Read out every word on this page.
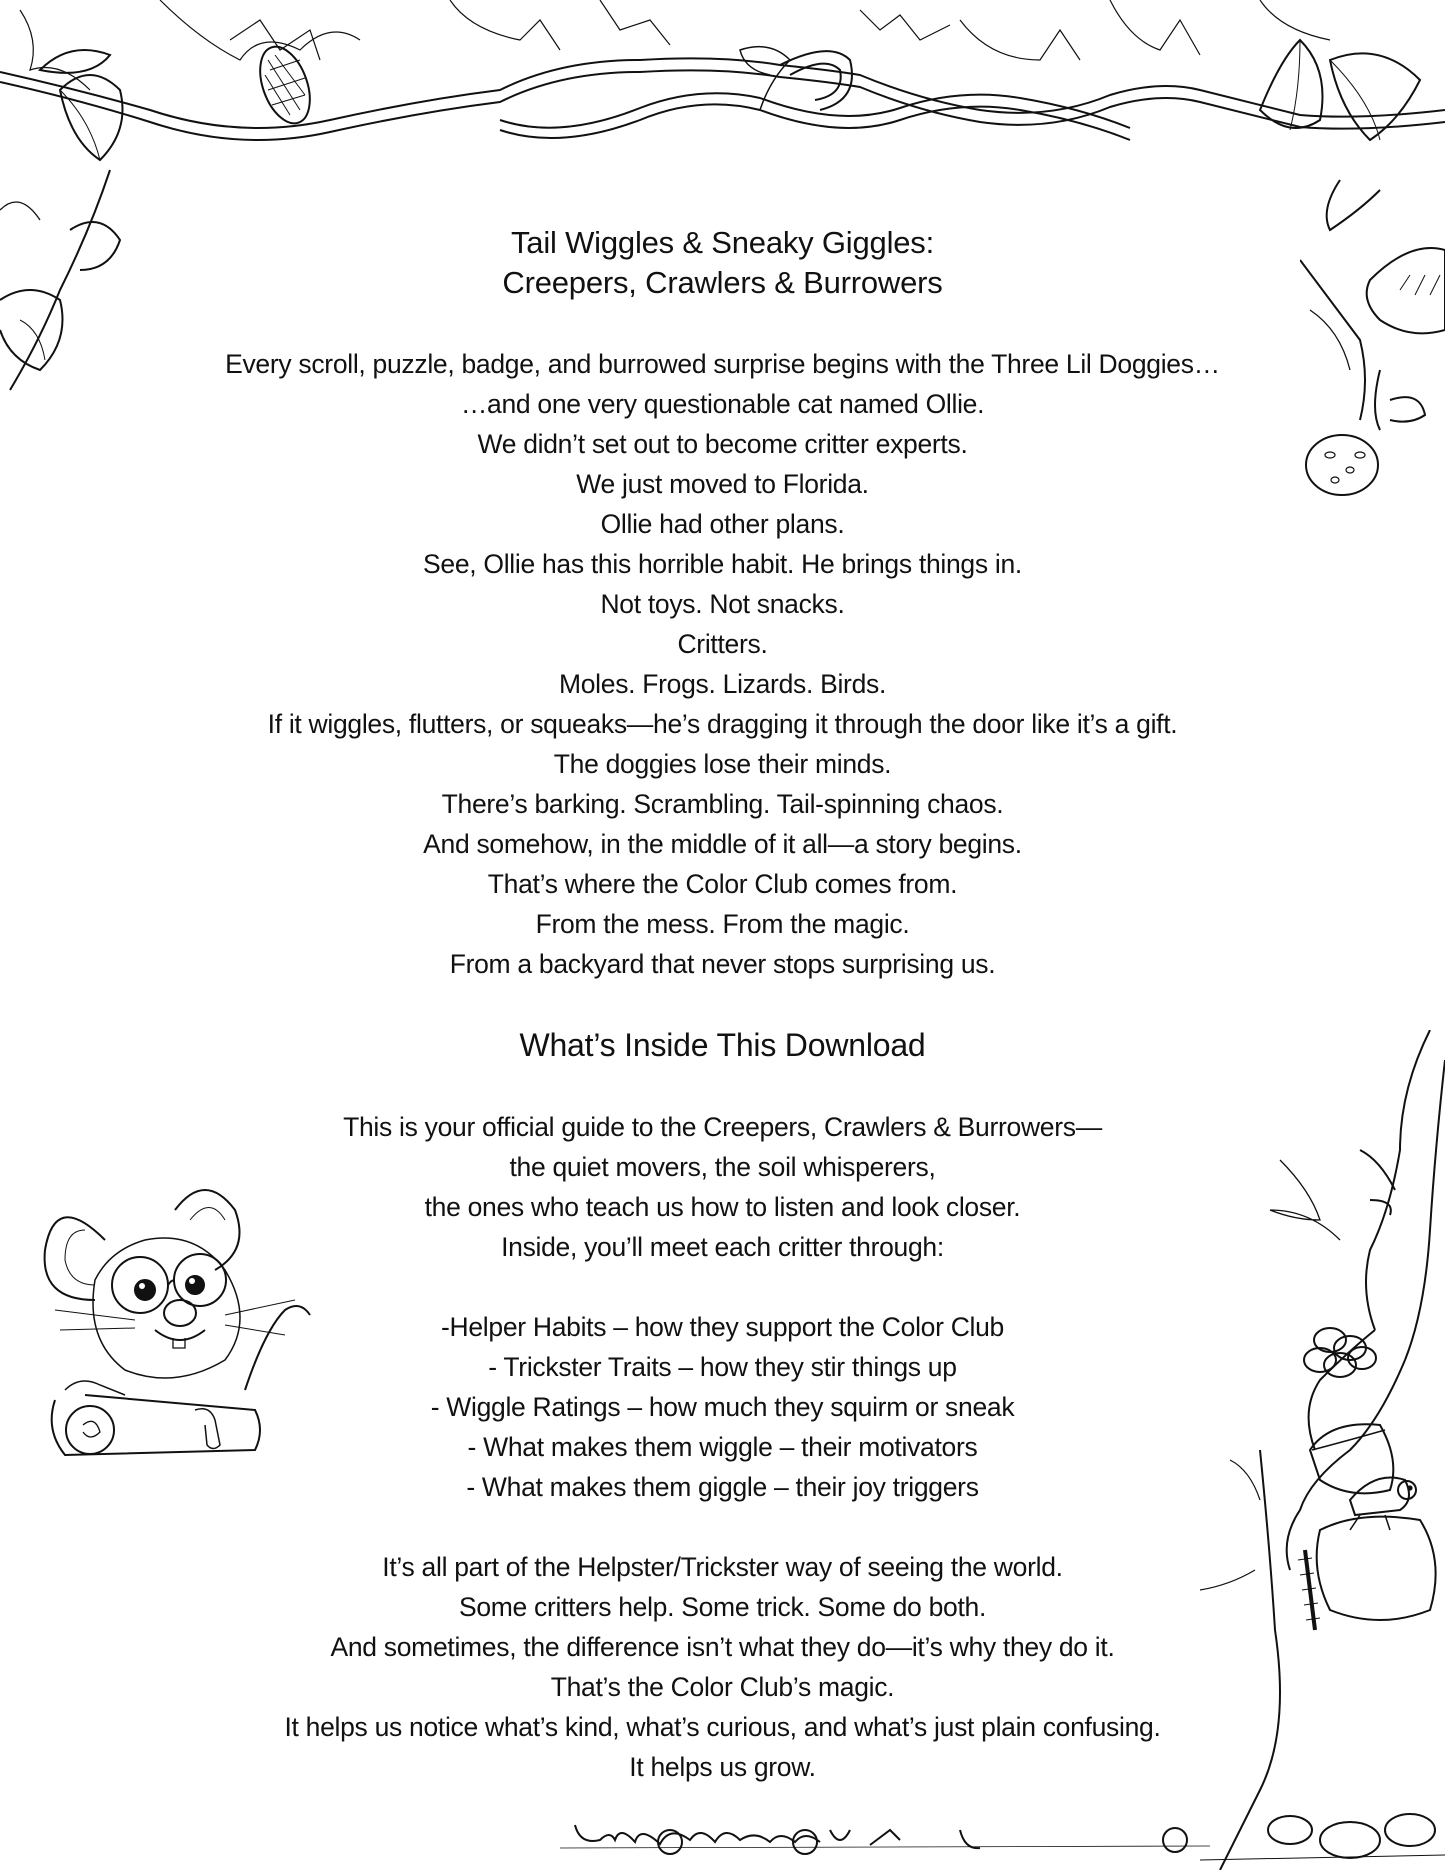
Tail Wiggles & Sneaky Giggles:
Creepers, Crawlers & Burrowers
Every scroll, puzzle, badge, and burrowed surprise begins with the Three Lil Doggies…
…and one very questionable cat named Ollie.
We didn’t set out to become critter experts.
We just moved to Florida.
Ollie had other plans.
See, Ollie has this horrible habit. He brings things in.
Not toys. Not snacks.
Critters.
Moles. Frogs. Lizards. Birds.
If it wiggles, flutters, or squeaks—he’s dragging it through the door like it’s a gift.
The doggies lose their minds.
There’s barking. Scrambling. Tail-spinning chaos.
And somehow, in the middle of it all—a story begins.
That’s where the Color Club comes from.
From the mess. From the magic.
From a backyard that never stops surprising us.
What’s Inside This Download
This is your official guide to the Creepers, Crawlers & Burrowers—
the quiet movers, the soil whisperers,
the ones who teach us how to listen and look closer.
Inside, you’ll meet each critter through:
-Helper Habits – how they support the Color Club
- Trickster Traits – how they stir things up
- Wiggle Ratings – how much they squirm or sneak
- What makes them wiggle – their motivators
- What makes them giggle – their joy triggers
It’s all part of the Helpster/Trickster way of seeing the world.
Some critters help. Some trick. Some do both.
And sometimes, the difference isn’t what they do—it’s why they do it.
That’s the Color Club’s magic.
It helps us notice what’s kind, what’s curious, and what’s just plain confusing.
It helps us grow.
